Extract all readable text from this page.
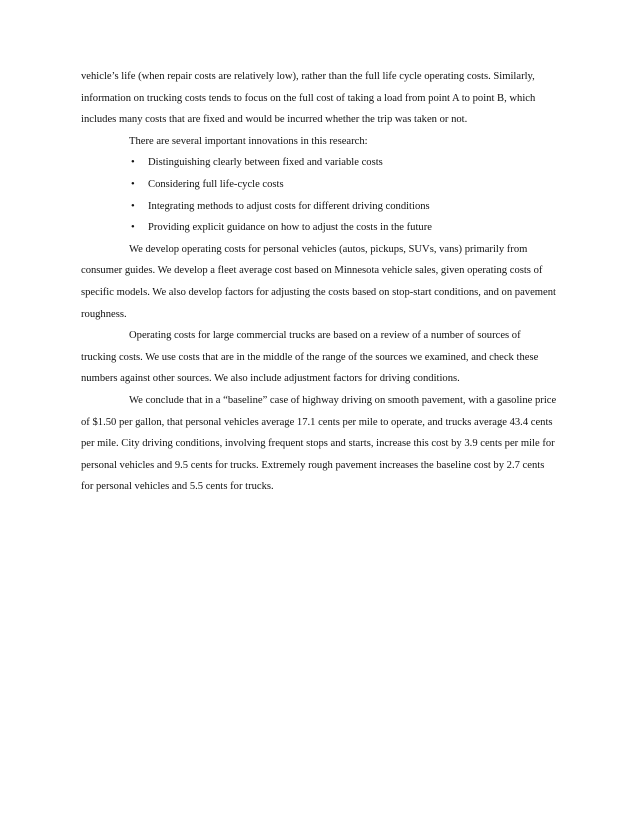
vehicle’s life (when repair costs are relatively low), rather than the full life cycle operating costs. Similarly, information on trucking costs tends to focus on the full cost of taking a load from point A to point B, which includes many costs that are fixed and would be incurred whether the trip was taken or not.

There are several important innovations in this research:

• Distinguishing clearly between fixed and variable costs
• Considering full life-cycle costs
• Integrating methods to adjust costs for different driving conditions
• Providing explicit guidance on how to adjust the costs in the future

We develop operating costs for personal vehicles (autos, pickups, SUVs, vans) primarily from consumer guides. We develop a fleet average cost based on Minnesota vehicle sales, given operating costs of specific models. We also develop factors for adjusting the costs based on stop-start conditions, and on pavement roughness.

Operating costs for large commercial trucks are based on a review of a number of sources of trucking costs. We use costs that are in the middle of the range of the sources we examined, and check these numbers against other sources. We also include adjustment factors for driving conditions.

We conclude that in a “baseline” case of highway driving on smooth pavement, with a gasoline price of $1.50 per gallon, that personal vehicles average 17.1 cents per mile to operate, and trucks average 43.4 cents per mile. City driving conditions, involving frequent stops and starts, increase this cost by 3.9 cents per mile for personal vehicles and 9.5 cents for trucks. Extremely rough pavement increases the baseline cost by 2.7 cents for personal vehicles and 5.5 cents for trucks.
